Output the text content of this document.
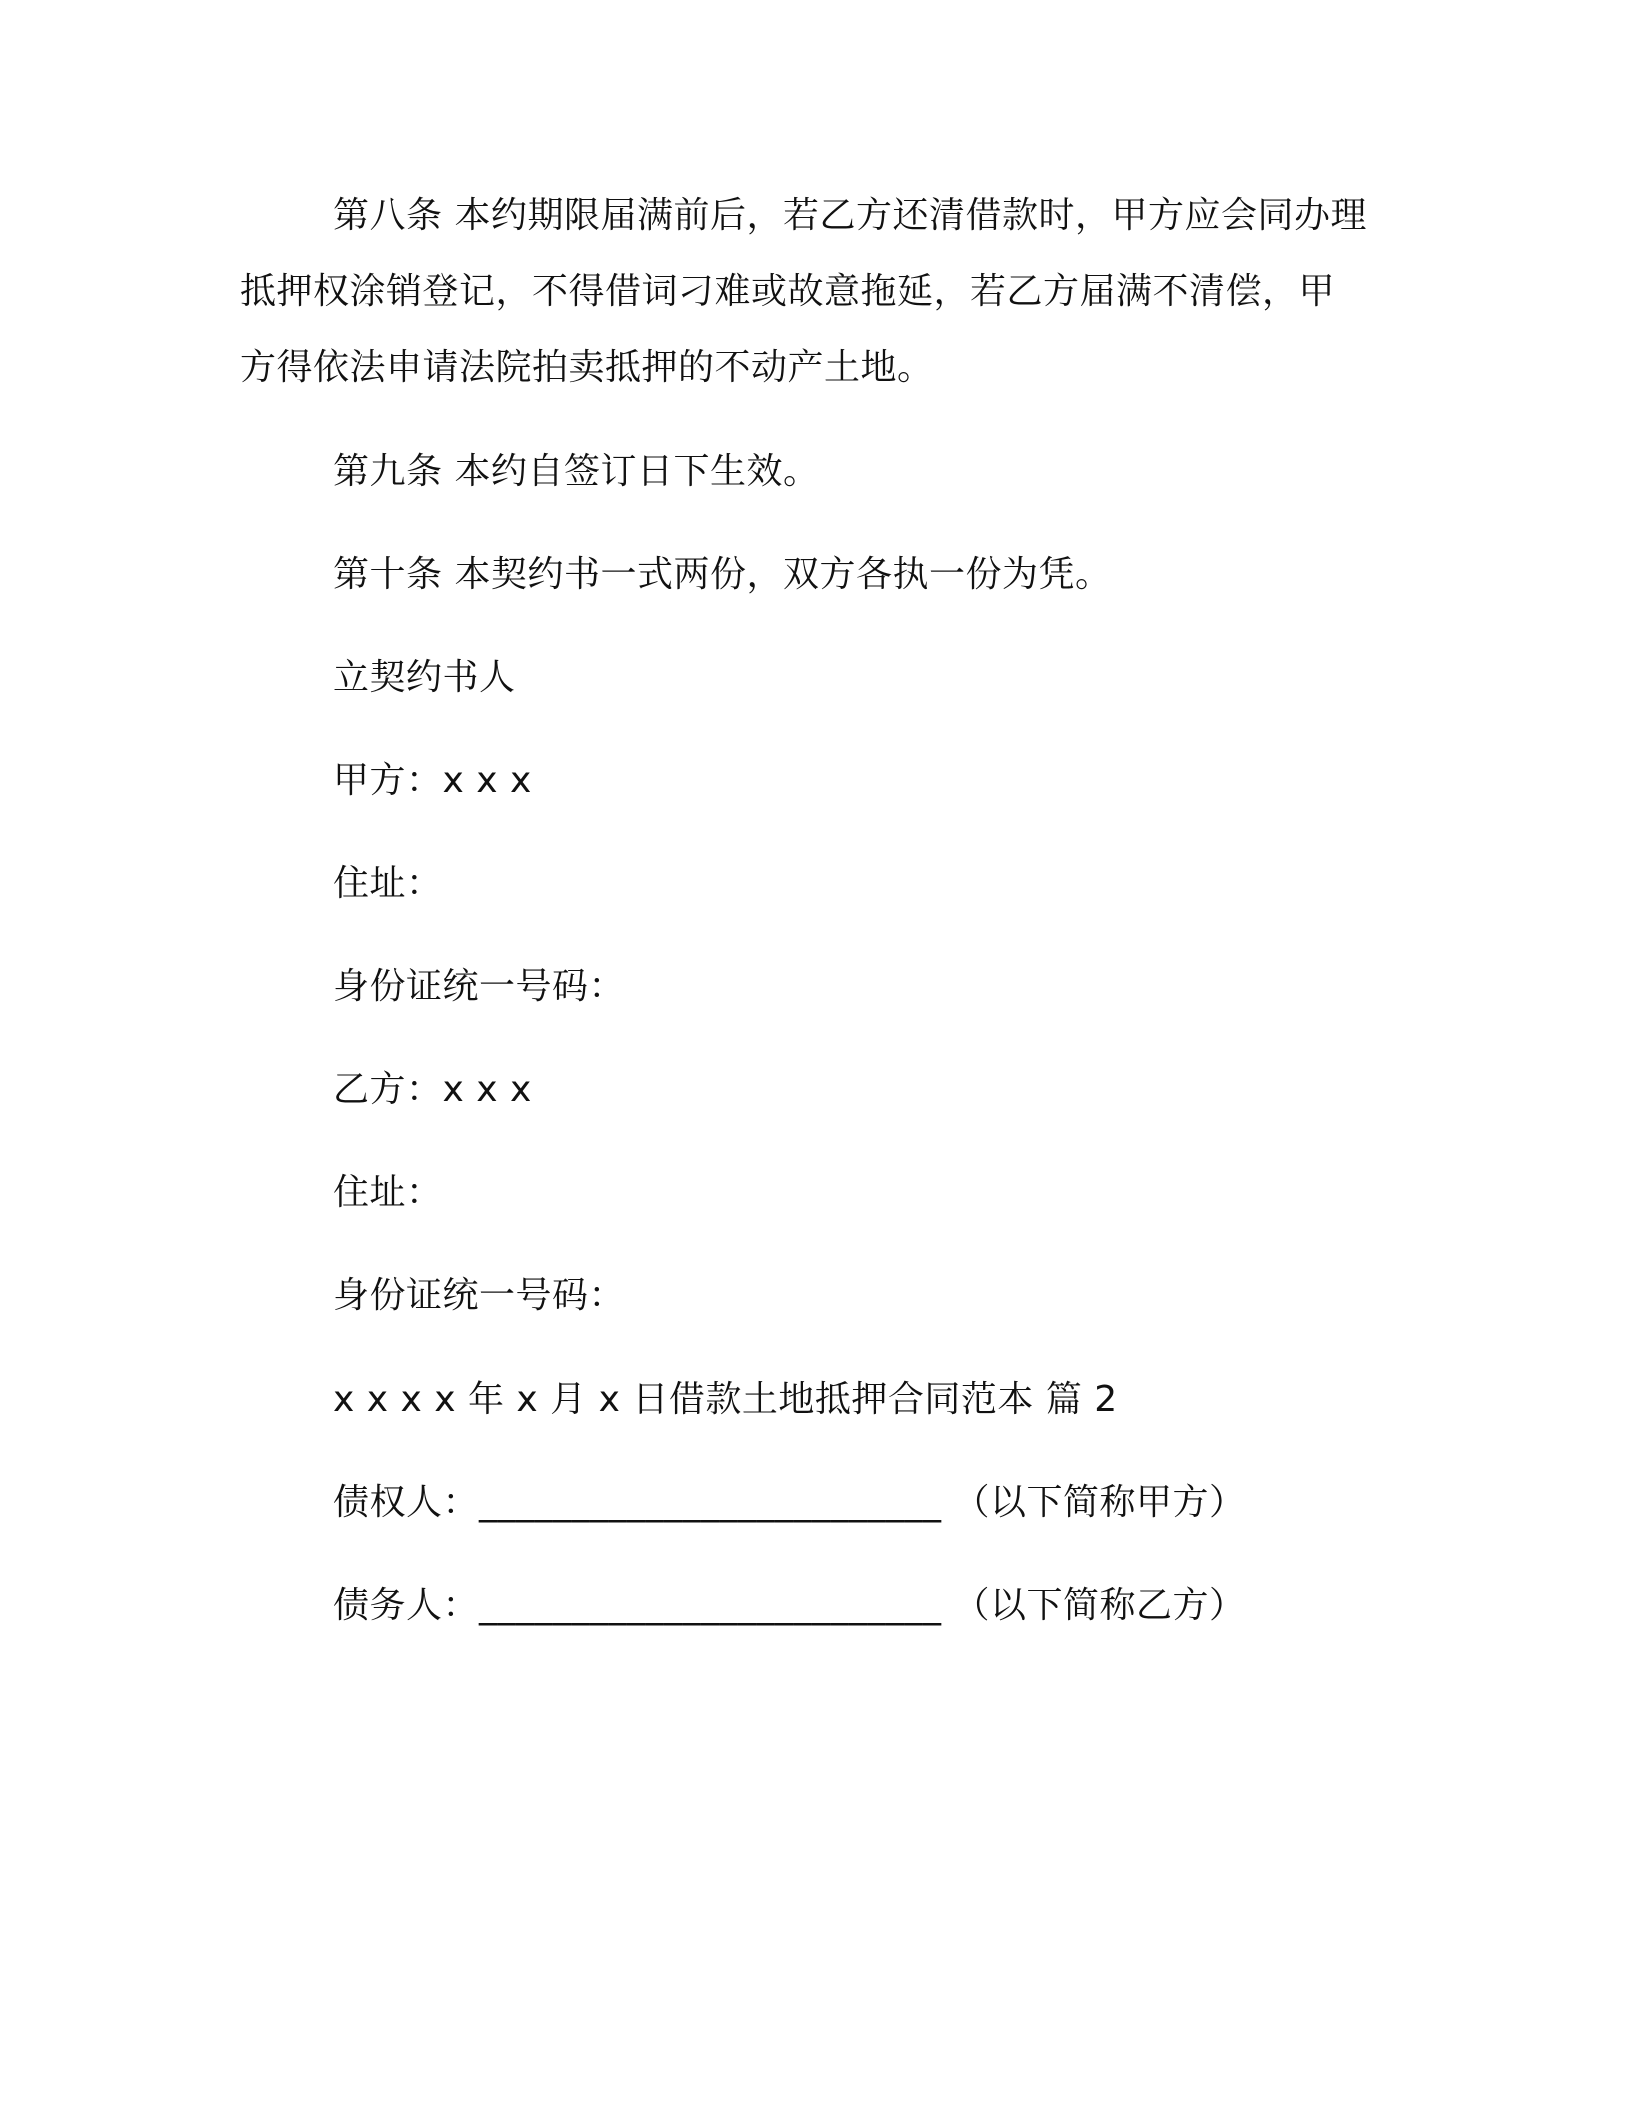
第八条 本约期限届满前后，若乙方还清借款时，甲方应会同办理
抵押权涂销登记，不得借词刁难或故意拖延，若乙方届满不清偿，甲
方得依法申请法院拍卖抵押的不动产土地。
第九条 本约自签订日下生效。
第十条 本契约书一式两份，双方各执一份为凭。
立契约书人
甲方：x x x
住址：
身份证统一号码：
乙方：x x x
住址：
身份证统一号码：
x x x x 年 x 月 x 日借款土地抵押合同范本 篇 2
债权人：_________________________ （以下简称甲方）
债务人：_________________________ （以下简称乙方）
